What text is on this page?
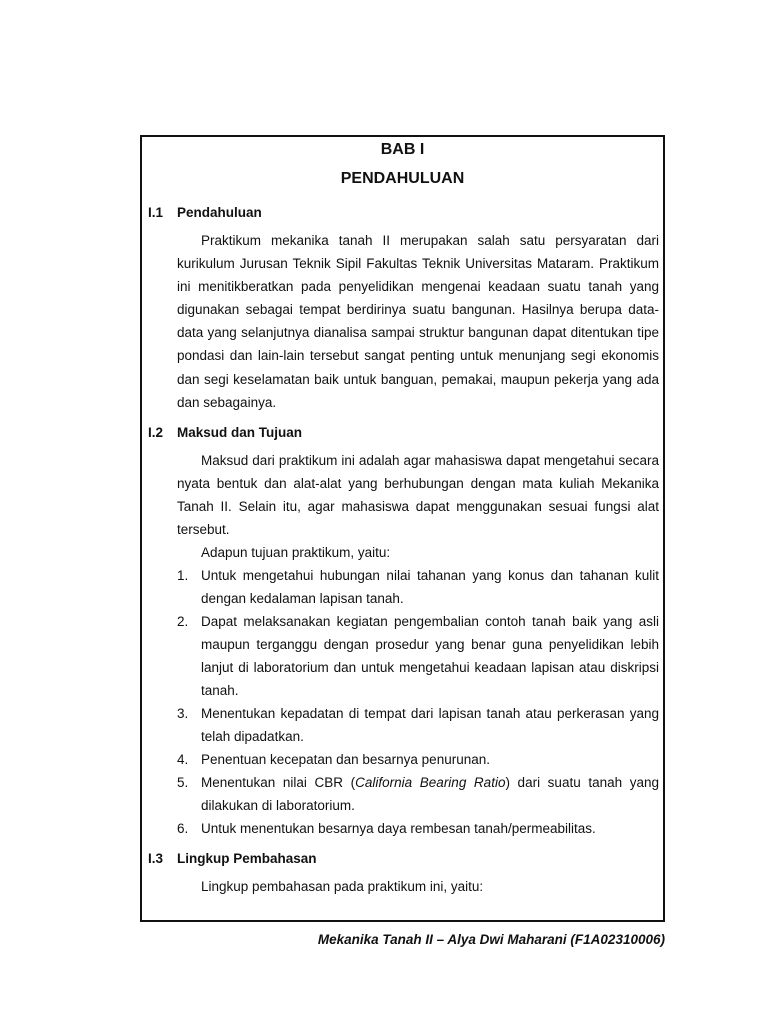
BAB I
PENDAHULUAN
I.1 Pendahuluan

Praktikum mekanika tanah II merupakan salah satu persyaratan dari kurikulum Jurusan Teknik Sipil Fakultas Teknik Universitas Mataram. Praktikum ini menitikberatkan pada penyelidikan mengenai keadaan suatu tanah yang digunakan sebagai tempat berdirinya suatu bangunan. Hasilnya berupa data-data yang selanjutnya dianalisa sampai struktur bangunan dapat ditentukan tipe pondasi dan lain-lain tersebut sangat penting untuk menunjang segi ekonomis dan segi keselamatan baik untuk banguan, pemakai, maupun pekerja yang ada dan sebagainya.

I.2 Maksud dan Tujuan

Maksud dari praktikum ini adalah agar mahasiswa dapat mengetahui secara nyata bentuk dan alat-alat yang berhubungan dengan mata kuliah Mekanika Tanah II. Selain itu, agar mahasiswa dapat menggunakan sesuai fungsi alat tersebut.

Adapun tujuan praktikum, yaitu:

1. Untuk mengetahui hubungan nilai tahanan yang konus dan tahanan kulit dengan kedalaman lapisan tanah.
2. Dapat melaksanakan kegiatan pengembalian contoh tanah baik yang asli maupun terganggu dengan prosedur yang benar guna penyelidikan lebih lanjut di laboratorium dan untuk mengetahui keadaan lapisan atau diskripsi tanah.
3. Menentukan kepadatan di tempat dari lapisan tanah atau perkerasan yang telah dipadatkan.
4. Penentuan kecepatan dan besarnya penurunan.
5. Menentukan nilai CBR (California Bearing Ratio) dari suatu tanah yang dilakukan di laboratorium.
6. Untuk menentukan besarnya daya rembesan tanah/permeabilitas.
I.3 Lingkup Pembahasan

Lingkup pembahasan pada praktikum ini, yaitu:

Mekanika Tanah II – Alya Dwi Maharani (F1A02310006)
